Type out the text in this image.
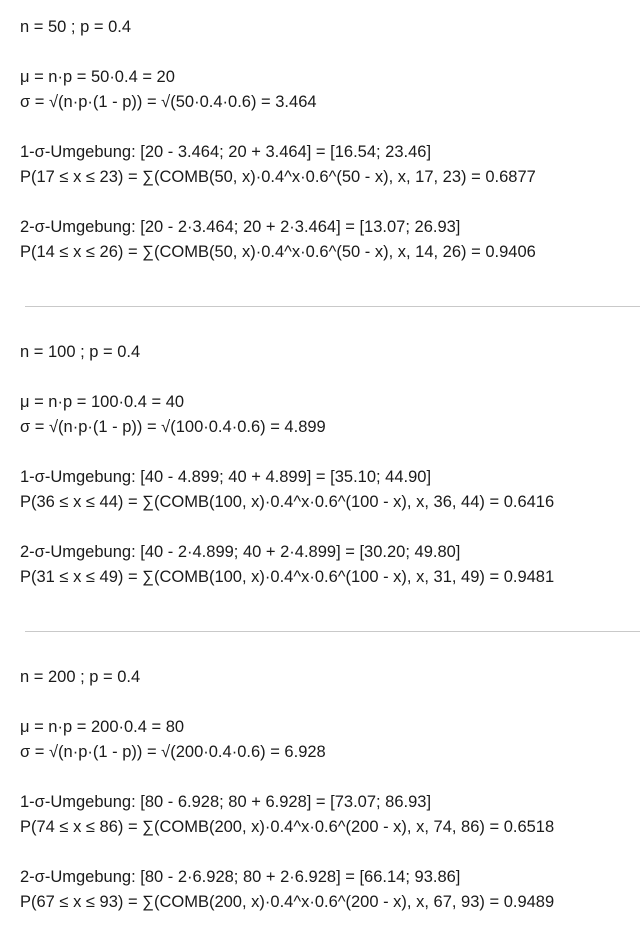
n = 50 ; p = 0.4
μ = n·p = 50·0.4 = 20
σ = √(n·p·(1 - p)) = √(50·0.4·0.6) = 3.464
1-σ-Umgebung: [20 - 3.464; 20 + 3.464] = [16.54; 23.46]
P(17 ≤ x ≤ 23) = ∑(COMB(50, x)·0.4^x·0.6^(50 - x), x, 17, 23) = 0.6877
2-σ-Umgebung: [20 - 2·3.464; 20 + 2·3.464] = [13.07; 26.93]
P(14 ≤ x ≤ 26) = ∑(COMB(50, x)·0.4^x·0.6^(50 - x), x, 14, 26) = 0.9406
n = 100 ; p = 0.4
μ = n·p = 100·0.4 = 40
σ = √(n·p·(1 - p)) = √(100·0.4·0.6) = 4.899
1-σ-Umgebung: [40 - 4.899; 40 + 4.899] = [35.10; 44.90]
P(36 ≤ x ≤ 44) = ∑(COMB(100, x)·0.4^x·0.6^(100 - x), x, 36, 44) = 0.6416
2-σ-Umgebung: [40 - 2·4.899; 40 + 2·4.899] = [30.20; 49.80]
P(31 ≤ x ≤ 49) = ∑(COMB(100, x)·0.4^x·0.6^(100 - x), x, 31, 49) = 0.9481
n = 200 ; p = 0.4
μ = n·p = 200·0.4 = 80
σ = √(n·p·(1 - p)) = √(200·0.4·0.6) = 6.928
1-σ-Umgebung: [80 - 6.928; 80 + 6.928] = [73.07; 86.93]
P(74 ≤ x ≤ 86) = ∑(COMB(200, x)·0.4^x·0.6^(200 - x), x, 74, 86) = 0.6518
2-σ-Umgebung: [80 - 2·6.928; 80 + 2·6.928] = [66.14; 93.86]
P(67 ≤ x ≤ 93) = ∑(COMB(200, x)·0.4^x·0.6^(200 - x), x, 67, 93) = 0.9489
